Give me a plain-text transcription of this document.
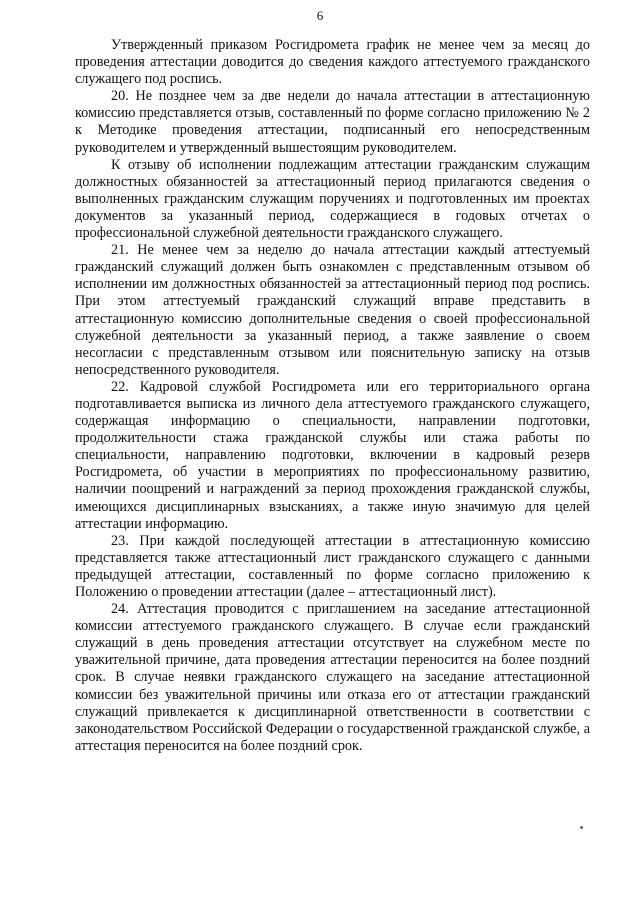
6

Утвержденный приказом Росгидромета график не менее чем за месяц до проведения аттестации доводится до сведения каждого аттестуемого гражданского служащего под роспись.

20. Не позднее чем за две недели до начала аттестации в аттестационную комиссию представляется отзыв, составленный по форме согласно приложению № 2 к Методике проведения аттестации, подписанный его непосредственным руководителем и утвержденный вышестоящим руководителем.

К отзыву об исполнении подлежащим аттестации гражданским служащим должностных обязанностей за аттестационный период прилагаются сведения о выполненных гражданским служащим поручениях и подготовленных им проектах документов за указанный период, содержащиеся в годовых отчетах о профессиональной служебной деятельности гражданского служащего.

21. Не менее чем за неделю до начала аттестации каждый аттестуемый гражданский служащий должен быть ознакомлен с представленным отзывом об исполнении им должностных обязанностей за аттестационный период под роспись. При этом аттестуемый гражданский служащий вправе представить в аттестационную комиссию дополнительные сведения о своей профессиональной служебной деятельности за указанный период, а также заявление о своем несогласии с представленным отзывом или пояснительную записку на отзыв непосредственного руководителя.

22. Кадровой службой Росгидромета или его территориального органа подготавливается выписка из личного дела аттестуемого гражданского служащего, содержащая информацию о специальности, направлении подготовки, продолжительности стажа гражданской службы или стажа работы по специальности, направлению подготовки, включении в кадровый резерв Росгидромета, об участии в мероприятиях по профессиональному развитию, наличии поощрений и награждений за период прохождения гражданской службы, имеющихся дисциплинарных взысканиях, а также иную значимую для целей аттестации информацию.

23. При каждой последующей аттестации в аттестационную комиссию представляется также аттестационный лист гражданского служащего с данными предыдущей аттестации, составленный по форме согласно приложению к Положению о проведении аттестации (далее – аттестационный лист).

24. Аттестация проводится с приглашением на заседание аттестационной комиссии аттестуемого гражданского служащего. В случае если гражданский служащий в день проведения аттестации отсутствует на служебном месте по уважительной причине, дата проведения аттестации переносится на более поздний срок. В случае неявки гражданского служащего на заседание аттестационной комиссии без уважительной причины или отказа его от аттестации гражданский служащий привлекается к дисциплинарной ответственности в соответствии с законодательством Российской Федерации о государственной гражданской службе, а аттестация переносится на более поздний срок.
